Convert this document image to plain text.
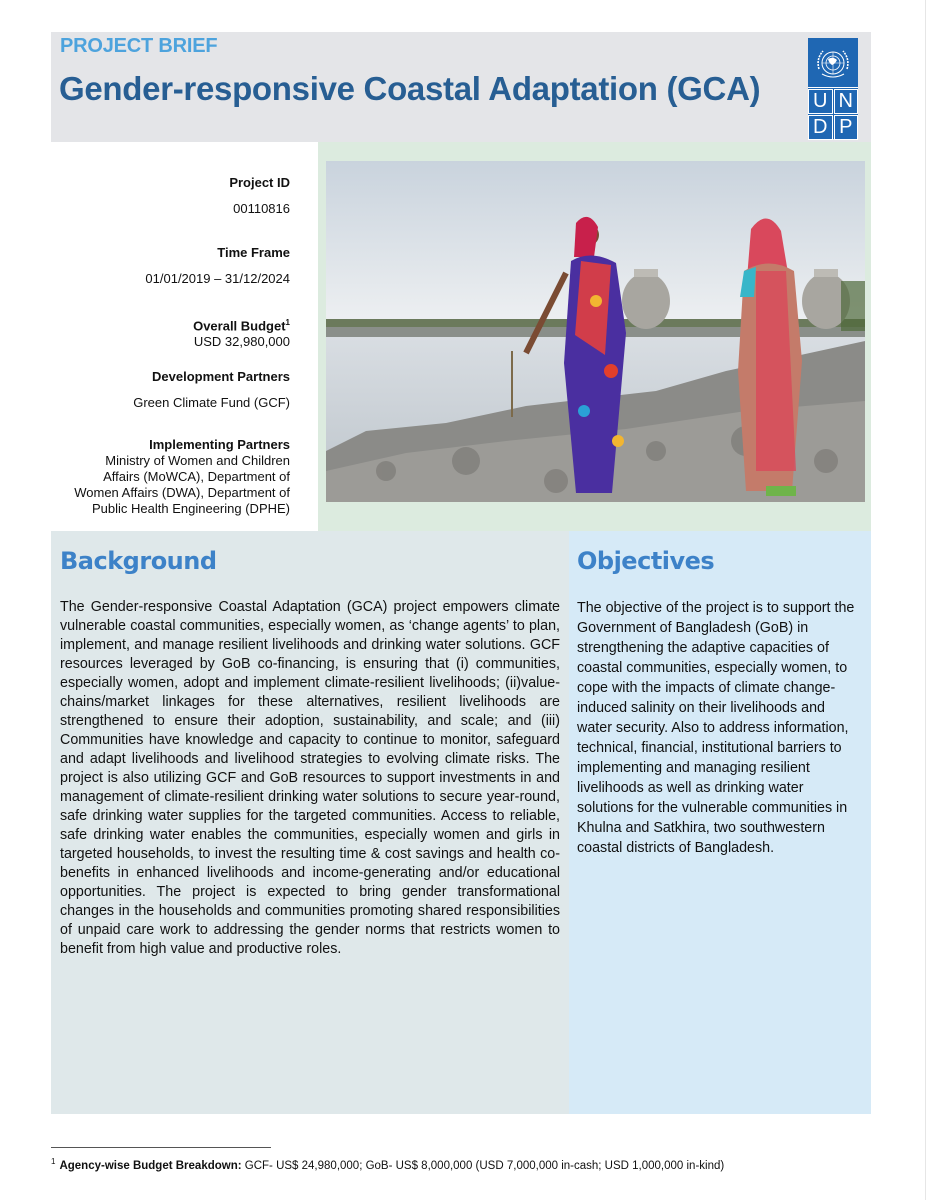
PROJECT BRIEF
Gender-responsive Coastal Adaptation (GCA)	U N
D P
Project ID
00110816
Time Frame
01/01/2019 – 31/12/2024
Overall Budget$^1$
USD 32,980,000
Development Partners
Green Climate Fund (GCF)
Implementing Partners
Ministry of Women and Children
Affairs (MoWCA), Department of
Women Affairs (DWA), Department of
Public Health Engineering (DPHE)
Background
The Gender-responsive Coastal Adaptation (GCA) project empowers climate vulnerable coastal communities, especially women, as ‘change agents’ to plan, implement, and manage resilient livelihoods and drinking water solutions. GCF resources leveraged by GoB co-financing, is ensuring that (i) communities, especially women, adopt and implement climate-resilient livelihoods; (ii)value-chains/market linkages for these alternatives, resilient livelihoods are strengthened to ensure their adoption, sustainability, and scale; and (iii) Communities have knowledge and capacity to continue to monitor, safeguard and adapt livelihoods and livelihood strategies to evolving climate risks. The project is also utilizing GCF and GoB resources to support investments in and management of climate-resilient drinking water solutions to secure year-round, safe drinking water supplies for the targeted communities. Access to reliable, safe drinking water enables the communities, especially women and girls in targeted households, to invest the resulting time & cost savings and health co-benefits in enhanced livelihoods and income-generating and/or educational opportunities. The project is expected to bring gender transformational changes in the households and communities promoting shared responsibilities of unpaid care work to addressing the gender norms that restricts women to benefit from high value and productive roles.
Objectives
The objective of the project is to support the Government of Bangladesh (GoB) in strengthening the adaptive capacities of coastal communities, especially women, to cope with the impacts of climate change-induced salinity on their livelihoods and water security. Also to address information, technical, financial, institutional barriers to implementing and managing resilient livelihoods as well as drinking water solutions for the vulnerable communities in Khulna and Satkhira, two southwestern coastal districts of Bangladesh.
$^1$ Agency-wise Budget Breakdown: GCF- US$ 24,980,000; GoB- US$ 8,000,000 (USD 7,000,000 in-cash; USD 1,000,000 in-kind)
